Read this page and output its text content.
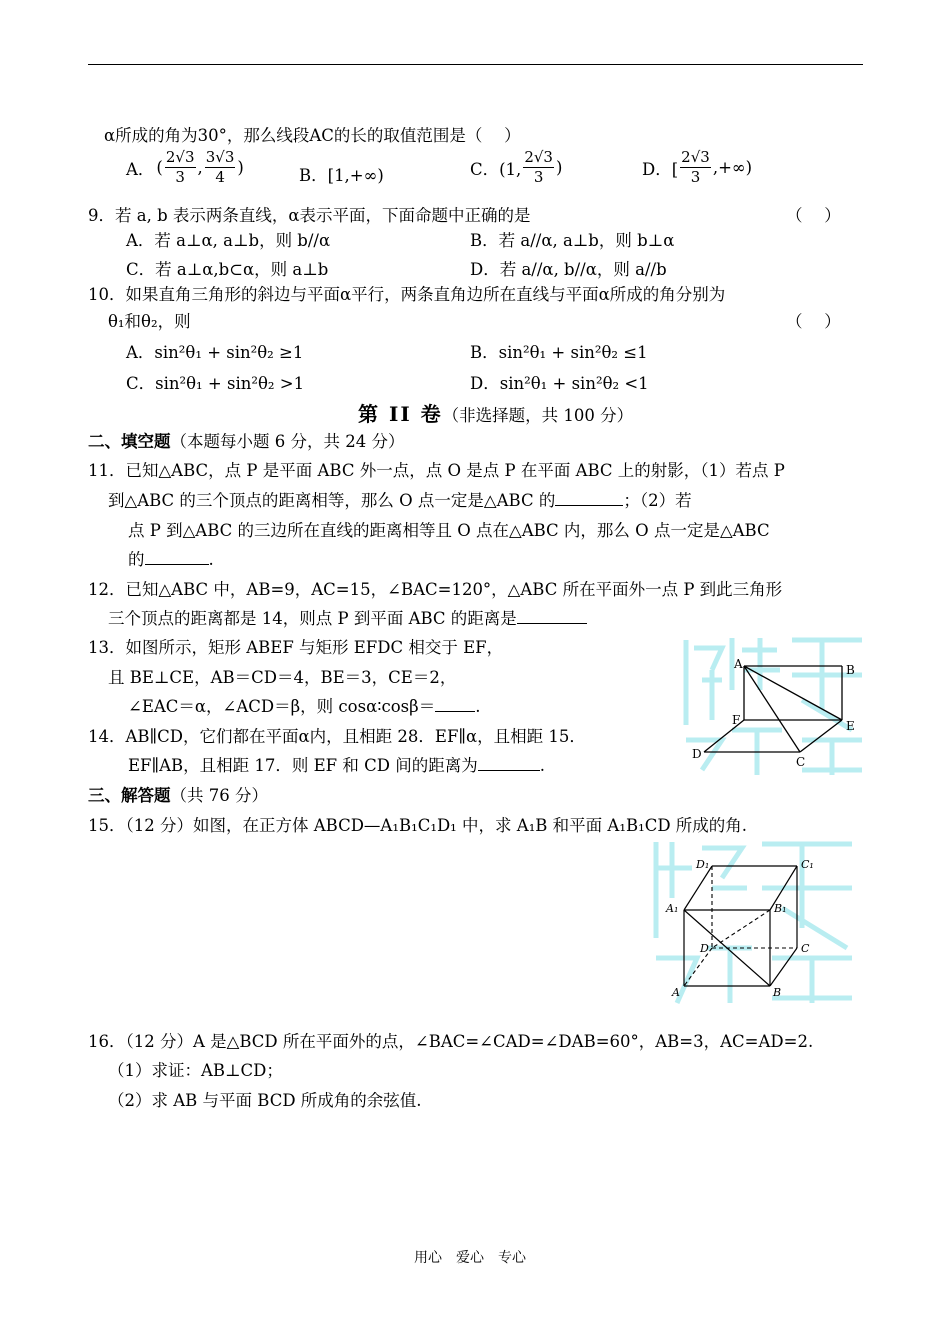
α所成的角为30°，那么线段AC的长的取值范围是（　 ）
A． ( $\frac{2√3}{3}$ , $\frac{3√3}{4}$ )	B．[1,+∞)	C．(1, $\frac{2√3}{3}$ )	D．[ $\frac{2√3}{3}$ ,+∞)
9．若 a, b 表示两条直线，α表示平面，下面命题中正确的是	（　 ）
A．若 a⊥α, a⊥b，则 b//α	B．若 a//α, a⊥b，则 b⊥α
C．若 a⊥α,b⊂α，则 a⊥b	D．若 a//α, b//α，则 a//b
10．如果直角三角形的斜边与平面α平行，两条直角边所在直线与平面α所成的角分别为
θ₁和θ₂，则	（　 ）
A．sin²θ₁ + sin²θ₂ ≥1	B．sin²θ₁ + sin²θ₂ ≤1
C．sin²θ₁ + sin²θ₂ >1	D．sin²θ₁ + sin²θ₂ <1
第 II 卷（非选择题，共 100 分）
二、填空题（本题每小题 6 分，共 24 分）
11．已知△ABC，点 P 是平面 ABC 外一点，点 O 是点 P 在平面 ABC 上的射影，（1）若点 P
到△ABC 的三个顶点的距离相等，那么 O 点一定是△ABC 的	；（2）若
点 P 到△ABC 的三边所在直线的距离相等且 O 点在△ABC 内，那么 O 点一定是△ABC
的	.
12．已知△ABC 中，AB=9，AC=15，∠BAC=120°，△ABC 所在平面外一点 P 到此三角形
三个顶点的距离都是 14，则点 P 到平面 ABC 的距离是
13．如图所示，矩形 ABEF 与矩形 EFDC 相交于 EF，
且 BE⊥CE，AB＝CD＝4，BE＝3，CE＝2，
∠EAC＝α，∠ACD＝β，则 cosα∶cosβ＝ .
A	B
F	E
D
C
14．AB∥CD，它们都在平面α内，且相距 28．EF∥α，且相距 15．
EF∥AB，且相距 17．则 EF 和 CD 间的距离为	.
三、解答题（共 76 分）
15．（12 分）如图，在正方体 ABCD—A₁B₁C₁D₁ 中，求 A₁B 和平面 A₁B₁CD 所成的角.
D₁	C₁
A₁	B₁
D	C
A	B
16．（12 分）A 是△BCD 所在平面外的点，∠BAC=∠CAD=∠DAB=60°，AB=3，AC=AD=2.
（1）求证：AB⊥CD；
（2）求 AB 与平面 BCD 所成角的余弦值.
用心　爱心　专心
